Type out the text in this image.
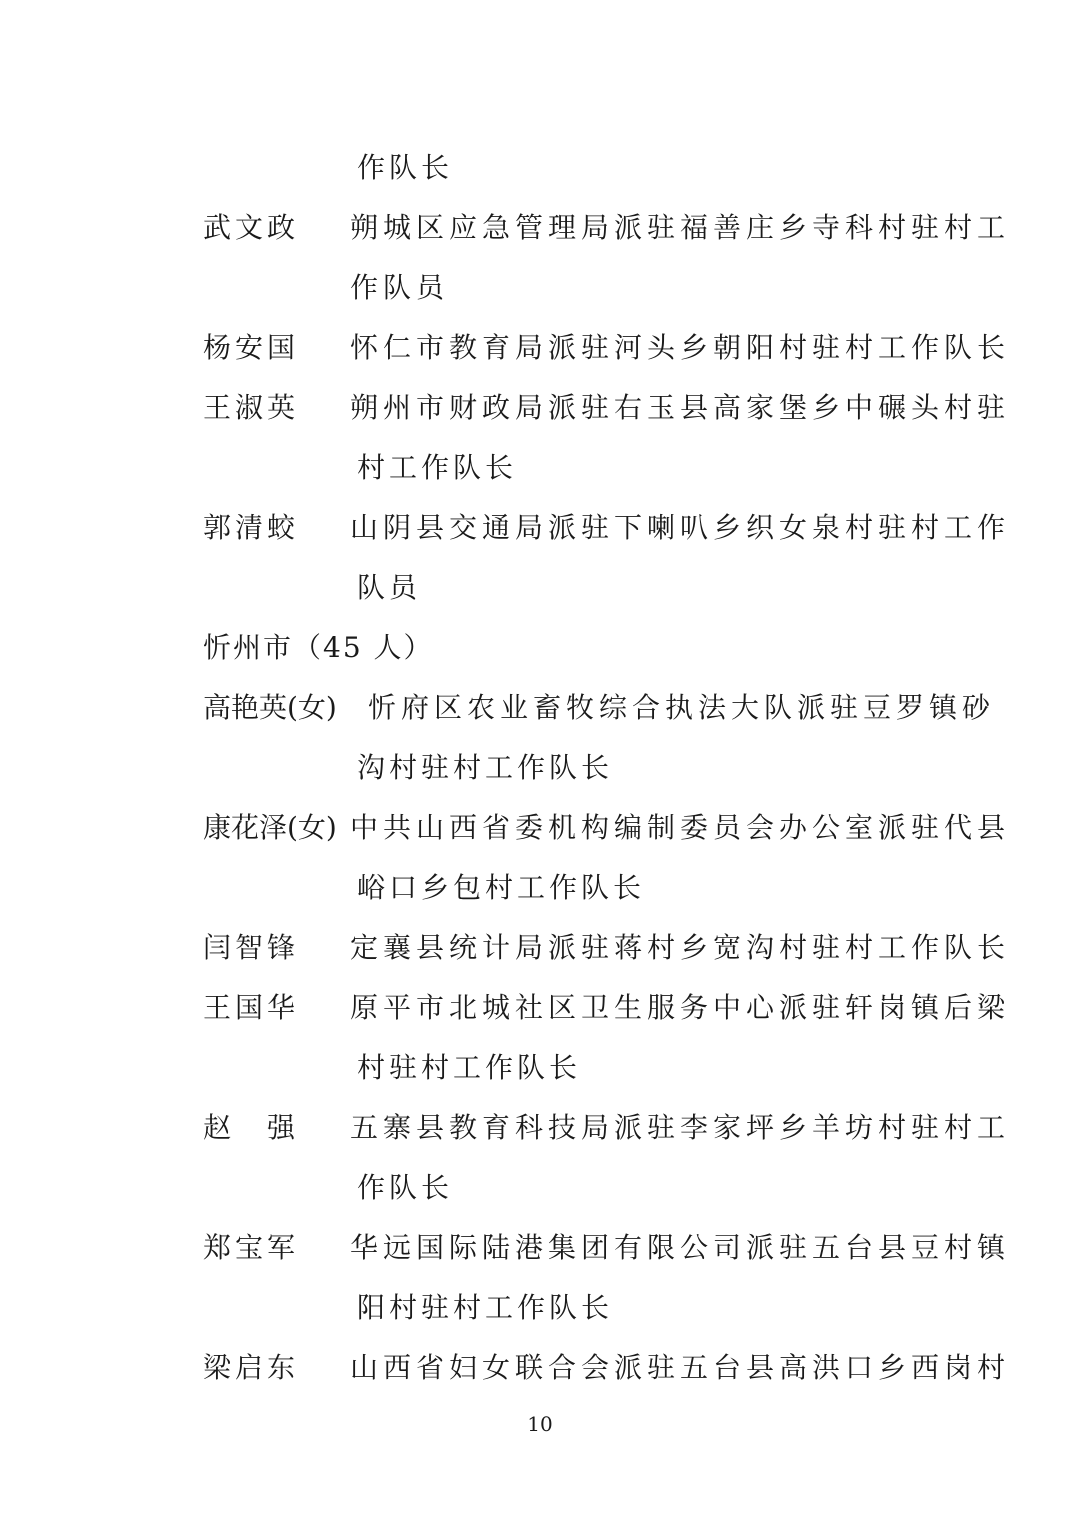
作队长
武文政 朔城区应急管理局派驻福善庄乡寺科村驻村工
作队员
杨安国 怀仁市教育局派驻河头乡朝阳村驻村工作队长
王淑英 朔州市财政局派驻右玉县高家堡乡中碾头村驻
村工作队长
郭清蛟 山阴县交通局派驻下喇叭乡织女泉村驻村工作
队员
忻州市（45 人）
高艳英(女) 忻府区农业畜牧综合执法大队派驻豆罗镇砂
沟村驻村工作队长
康花泽(女) 中共山西省委机构编制委员会办公室派驻代县
峪口乡包村工作队长
闫智锋 定襄县统计局派驻蒋村乡宽沟村驻村工作队长
王国华 原平市北城社区卫生服务中心派驻轩岗镇后梁
村驻村工作队长
赵　强 五寨县教育科技局派驻李家坪乡羊坊村驻村工
作队长
郑宝军 华远国际陆港集团有限公司派驻五台县豆村镇
阳村驻村工作队长
梁启东 山西省妇女联合会派驻五台县高洪口乡西岗村
10
